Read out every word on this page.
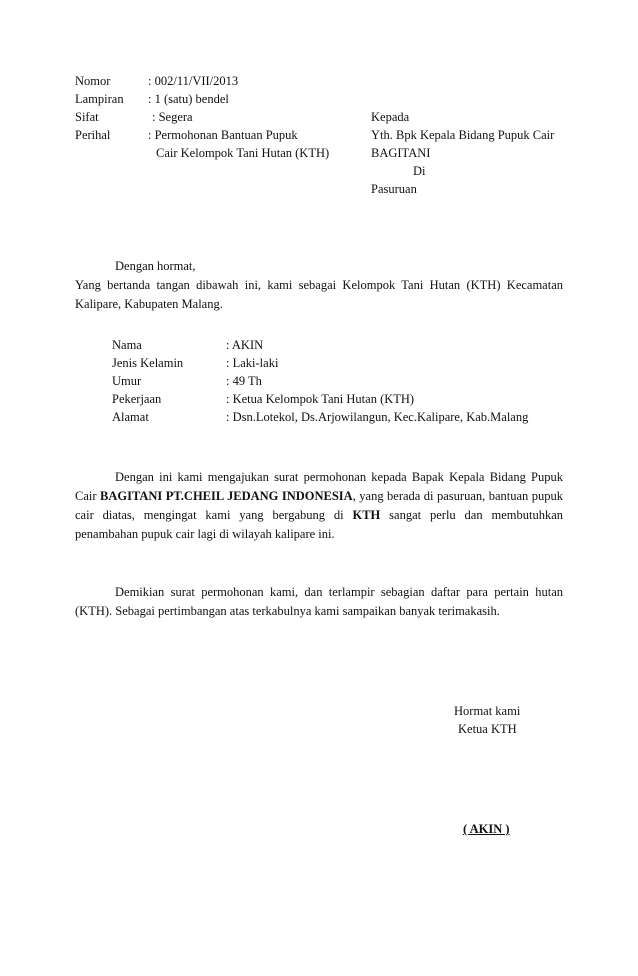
Nomor	: 002/11/VII/2013
Lampiran : 1 (satu) bendel
Sifat	: Segera
Perihal	: Permohonan Bantuan Pupuk
Cair Kelompok Tani Hutan (KTH)
Kepada
Yth. Bpk Kepala Bidang Pupuk Cair
BAGITANI
Di
Pasuruan
Dengan hormat,
Yang bertanda tangan dibawah ini, kami sebagai Kelompok Tani Hutan (KTH) Kecamatan Kalipare, Kabupaten Malang.
Nama	: AKIN
Jenis Kelamin	: Laki-laki
Umur	: 49 Th
Pekerjaan	: Ketua Kelompok Tani Hutan (KTH)
Alamat	: Dsn.Lotekol, Ds.Arjowilangun, Kec.Kalipare, Kab.Malang
Dengan ini kami mengajukan surat permohonan kepada Bapak Kepala Bidang Pupuk Cair BAGITANI PT.CHEIL JEDANG INDONESIA, yang berada di pasuruan, bantuan pupuk cair diatas, mengingat kami yang bergabung di KTH sangat perlu dan membutuhkan penambahan pupuk cair lagi di wilayah kalipare ini.
Demikian surat permohonan kami, dan terlampir sebagian daftar para pertain hutan (KTH). Sebagai pertimbangan atas terkabulnya kami sampaikan banyak terimakasih.
Hormat kami
Ketua KTH
( AKIN )
